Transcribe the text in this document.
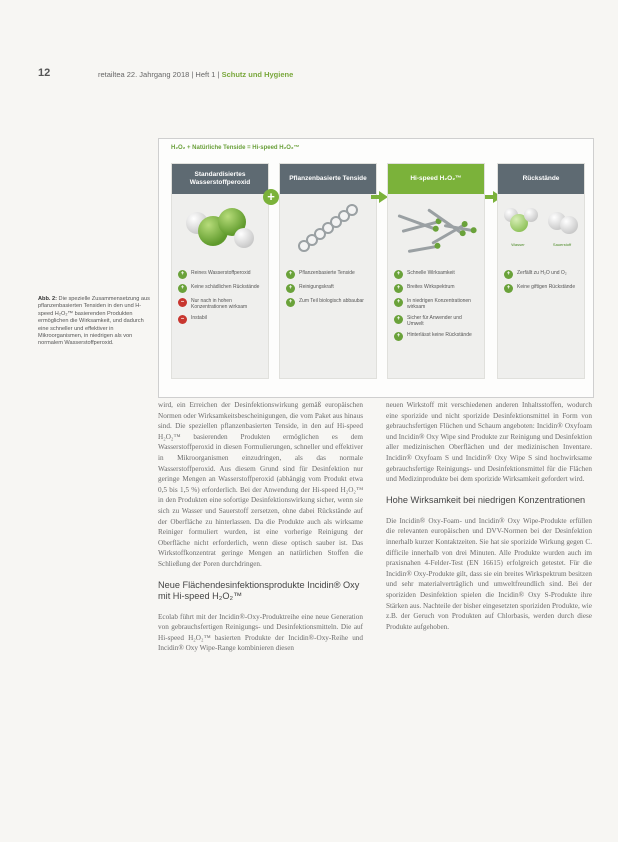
12	retailtea 22. Jahrgang 2018 | Heft 1 | Schutz und Hygiene
H₂O₂ + Natürliche Tenside = Hi-speed H₂O₂™
Standardisiertes Wasserstoffperoxid
+	Reines Wasserstoffperoxid
+	Keine schädlichen Rückstände
–	Nur nach in hohen Konzentrationen wirksam
–	Instabil
+
Pflanzenbasierte Tenside
+	Pflanzenbasierte Tenside
+	Reinigungskraft
+	Zum Teil biologisch abbaubar
Hi-speed H₂O₂™
+	Schnelle Wirksamkeit
+	Breites Wirkspektrum
+	In niedrigen Konzentrationen wirksam
+	Sicher für Anwender und Umwelt
+	Hinterlässt keine Rückstände
Rückstände
Wasser	Sauerstoff
+	Zerfällt zu H₂O und O₂
+	Keine giftigen Rückstände
Abb. 2: Die spezielle Zusammensetzung aus pflanzenbasierten Tensiden in den und H-speed H₂O₂™ basierenden Produkten ermöglichen die Wirksamkeit, und dadurch eine schneller und effektiver in Mikroorganismen, in niedrigen als von normalem Wasserstoffperoxid.

wird, ein Erreichen der Desinfektionswirkung gemäß europäischen Normen oder Wirksamkeitsbescheinigungen, die vom Paket aus hinaus sind. Die speziellen pflanzenbasierten Tenside, in den auf Hi-speed H₂O₂™ basierenden Produkten ermöglichen es dem Wasserstoffperoxid in diesen Formulierungen, schneller und effektiver in Mikroorganismen einzudringen, als das normale Wasserstoffperoxid. Aus diesem Grund sind für Desinfektion nur geringe Mengen an Wasserstoffperoxid (abhängig vom Produkt etwa 0,5 bis 1,5 %) erforderlich. Bei der Anwendung der Hi-speed H₂O₂™ in den Produkten eine sofortige Desinfektionswirkung sicher, wenn sie sich zu Wasser und Sauerstoff zersetzen, ohne dabei Rückstände auf der Oberfläche zu hinterlassen. Da die Produkte auch als wirksame Reiniger formuliert wurden, ist eine vorherige Reinigung der Oberfläche nicht erforderlich, wenn diese optisch sauber ist. Das Wirkstoffkonzentrat geringe Mengen an natürlichen Stoffen die Schließung der Poren durchdringen.

Neue Flächendesinfektionsprodukte Incidin® Oxy mit Hi-speed H₂O₂™

Ecolab führt mit der Incidin®-Oxy-Produktreihe eine neue Generation von gebrauchsfertigen Reinigungs- und Desinfektionsmitteln. Die auf Hi-speed H₂O₂™ basierten Produkte der Incidin®-Oxy-Reihe und Incidin® Oxy Wipe-Range kombinieren diesen

neuen Wirkstoff mit verschiedenen anderen Inhaltsstoffen, wodurch eine sporizide und nicht sporizide Desinfektionsmittel in Form von gebrauchsfertigen Flüchen und Schaum angeboten: Incidin® Oxyfoam und Incidin® Oxy Wipe sind Produkte zur Reinigung und Desinfektion aller medizinischen Oberflächen und der medizinischen Inventare. Incidin® Oxyfoam S und Incidin® Oxy Wipe S sind hochwirksame gebrauchsfertige Reinigungs- und Desinfektionsmittel für die Flächen und Medizinprodukte bei dem sporizide Wirksamkeit gefordert wird.

Hohe Wirksamkeit bei niedrigen Konzentrationen

Die Incidin® Oxy-Foam- und Incidin® Oxy Wipe-Produkte erfüllen die relevanten europäischen und DVV-Normen bei der Desinfektion innerhalb kurzer Kontaktzeiten. Sie hat sie sporizide Wirkung gegen C. difficile innerhalb von drei Minuten. Alle Produkte wurden auch im praxisnahen 4-Felder-Test (EN 16615) erfolgreich getestet. Für die Incidin® Oxy-Produkte gilt, dass sie ein breites Wirkspektrum besitzen und sehr materialverträglich und umweltfreundlich sind. Bei der sporiziden Desinfektion spielen die Incidin® Oxy S-Produkte ihre Stärken aus. Nachteile der bisher eingesetzten sporiziden Produkte, wie z.B. der Geruch von Produkten auf Chlorbasis, werden durch diese Produkte aufgehoben.
